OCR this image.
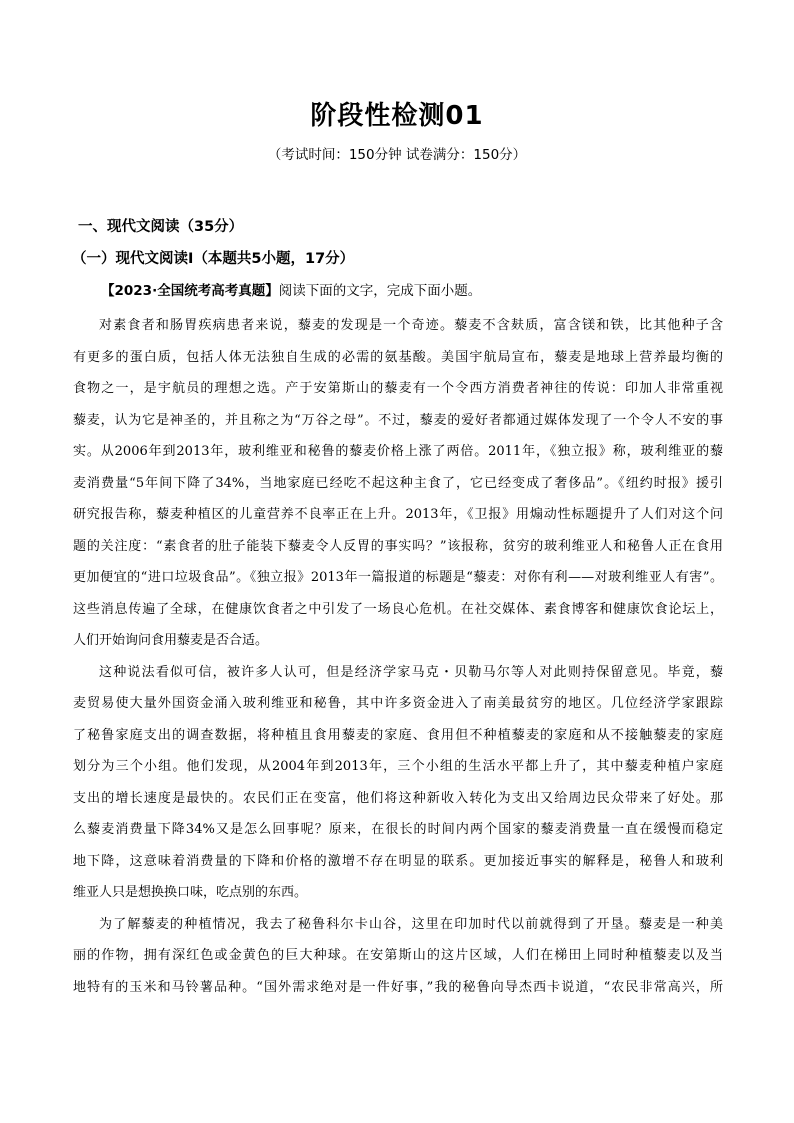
阶段性检测01
（考试时间：150分钟 试卷满分：150分）
一、现代文阅读（35分）
（一）现代文阅读Ⅰ（本题共5小题，17分）
【2023·全国统考高考真题】阅读下面的文字，完成下面小题。
对素食者和肠胃疾病患者来说，藜麦的发现是一个奇迹。藜麦不含麸质，富含镁和铁，比其他种子含
有更多的蛋白质，包括人体无法独自生成的必需的氨基酸。美国宇航局宣布，藜麦是地球上营养最均衡的
食物之一，是宇航员的理想之选。产于安第斯山的藜麦有一个令西方消费者神往的传说：印加人非常重视
藜麦，认为它是神圣的，并且称之为“万谷之母”。不过，藜麦的爱好者都通过媒体发现了一个令人不安的事
实。从2006年到2013年，玻利维亚和秘鲁的藜麦价格上涨了两倍。2011年，《独立报》称，玻利维亚的藜
麦消费量“5年间下降了34%，当地家庭已经吃不起这种主食了，它已经变成了奢侈品”。《纽约时报》援引
研究报告称，藜麦种植区的儿童营养不良率正在上升。2013年，《卫报》用煽动性标题提升了人们对这个问
题的关注度：“素食者的肚子能装下藜麦令人反胃的事实吗？”该报称，贫穷的玻利维亚人和秘鲁人正在食用
更加便宜的“进口垃圾食品”。《独立报》2013年一篇报道的标题是“藜麦：对你有利——对玻利维亚人有害”。
这些消息传遍了全球，在健康饮食者之中引发了一场良心危机。在社交媒体、素食博客和健康饮食论坛上，
人们开始询问食用藜麦是否合适。
这种说法看似可信，被许多人认可，但是经济学家马克・贝勒马尔等人对此则持保留意见。毕竟，藜
麦贸易使大量外国资金涌入玻利维亚和秘鲁，其中许多资金进入了南美最贫穷的地区。几位经济学家跟踪
了秘鲁家庭支出的调查数据，将种植且食用藜麦的家庭、食用但不种植藜麦的家庭和从不接触藜麦的家庭
划分为三个小组。他们发现，从2004年到2013年，三个小组的生活水平都上升了，其中藜麦种植户家庭
支出的增长速度是最快的。农民们正在变富，他们将这种新收入转化为支出又给周边民众带来了好处。那
么藜麦消费量下降34%又是怎么回事呢？原来，在很长的时间内两个国家的藜麦消费量一直在缓慢而稳定
地下降，这意味着消费量的下降和价格的激增不存在明显的联系。更加接近事实的解释是，秘鲁人和玻利
维亚人只是想换换口味，吃点别的东西。
为了解藜麦的种植情况，我去了秘鲁科尔卡山谷，这里在印加时代以前就得到了开垦。藜麦是一种美
丽的作物，拥有深红色或金黄色的巨大种球。在安第斯山的这片区域，人们在梯田上同时种植藜麦以及当
地特有的玉米和马铃薯品种。“国外需求绝对是一件好事，”我的秘鲁向导杰西卡说道，“农民非常高兴，所
